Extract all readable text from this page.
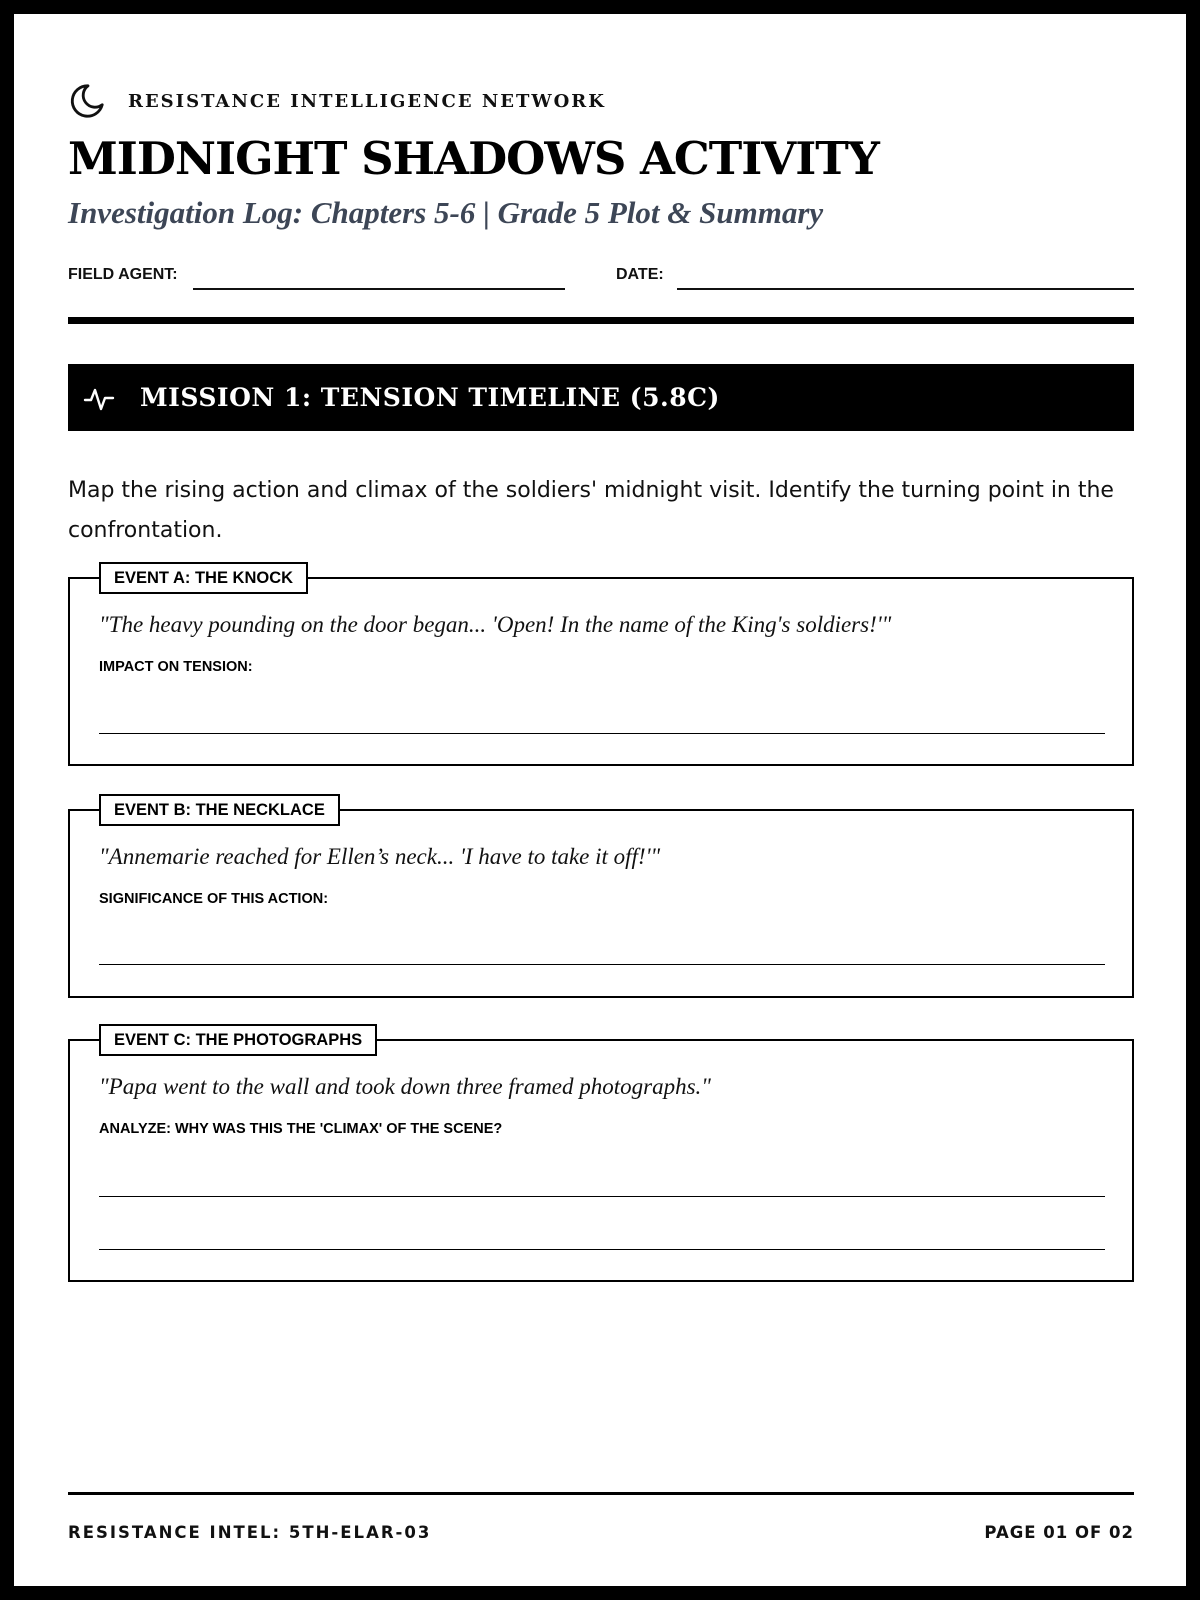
RESISTANCE INTELLIGENCE NETWORK
MIDNIGHT SHADOWS ACTIVITY
Investigation Log: Chapters 5-6 | Grade 5 Plot & Summary
FIELD AGENT:	DATE:
MISSION 1: TENSION TIMELINE (5.8C)
Map the rising action and climax of the soldiers' midnight visit. Identify the turning point in the confrontation.
EVENT A: THE KNOCK
"The heavy pounding on the door began... 'Open! In the name of the King's soldiers!'"
IMPACT ON TENSION:
EVENT B: THE NECKLACE
"Annemarie reached for Ellen’s neck... 'I have to take it off!'"
SIGNIFICANCE OF THIS ACTION:
EVENT C: THE PHOTOGRAPHS
"Papa went to the wall and took down three framed photographs."
ANALYZE: WHY WAS THIS THE 'CLIMAX' OF THE SCENE?
RESISTANCE INTEL: 5TH-ELAR-03	PAGE 01 OF 02
